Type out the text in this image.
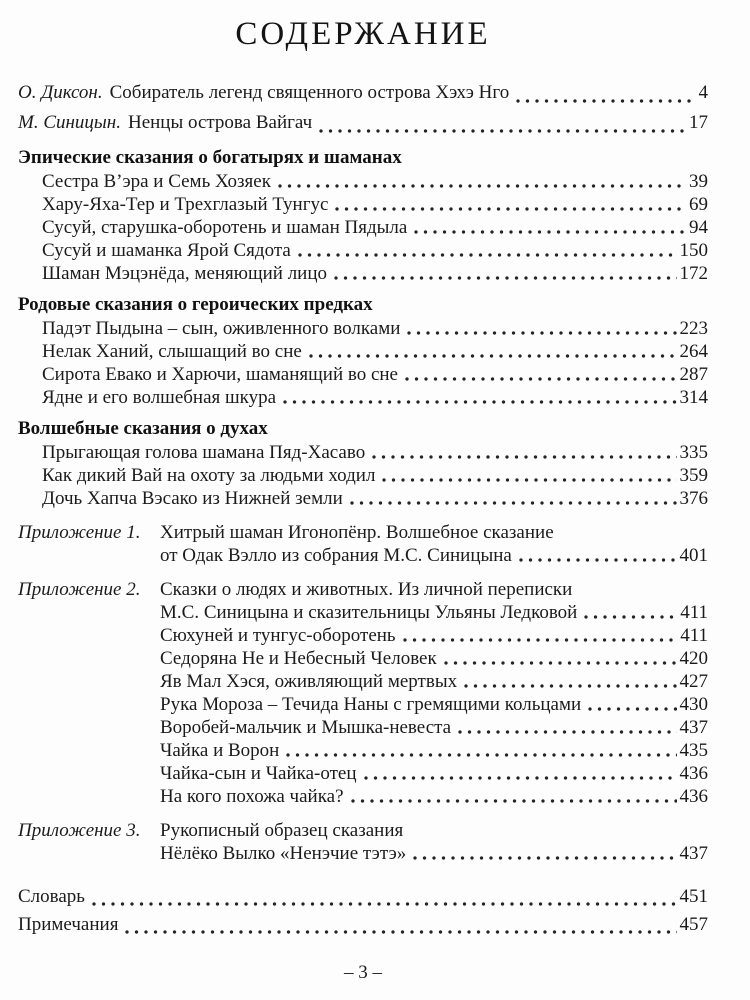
СОДЕРЖАНИЕ
О. Диксон. Собиратель легенд священного острова Хэхэ Нго	4
М. Синицын. Ненцы острова Вайгач	17
Эпические сказания о богатырях и шаманах
Сестра В’эра и Семь Хозяек	39
Хару-Яха-Тер и Трехглазый Тунгус	69
Сусуй, старушка-оборотень и шаман Пядыла	94
Сусуй и шаманка Ярой Сядота	150
Шаман Мэцэнёда, меняющий лицо	172
Родовые сказания о героических предках
Падэт Пыдына – сын, оживленного волками	223
Нелак Ханий, слышащий во сне	264
Сирота Евако и Харючи, шаманящий во сне	287
Ядне и его волшебная шкура	314
Волшебные сказания о духах
Прыгающая голова шамана Пяд-Хасаво	335
Как дикий Вай на охоту за людьми ходил	359
Дочь Хапча Вэсако из Нижней земли	376
Приложение 1.	Хитрый шаман Игонопёнр. Волшебное сказание
от Одак Вэлло из собрания М.С. Синицына	401
Приложение 2.	Сказки о людях и животных. Из личной переписки
М.С. Синицына и сказительницы Ульяны Ледковой	411
Сюхуней и тунгус-оборотень	411
Седоряна Не и Небесный Человек	420
Яв Мал Хэся, оживляющий мертвых	427
Рука Мороза – Течида Наны с гремящими кольцами	430
Воробей-мальчик и Мышка-невеста	437
Чайка и Ворон	435
Чайка-сын и Чайка-отец	436
На кого похожа чайка?	436
Приложение 3.	Рукописный образец сказания
Нёлёко Вылко «Ненэчие тэтэ»	437
Словарь	451
Примечания	457
– 3 –
